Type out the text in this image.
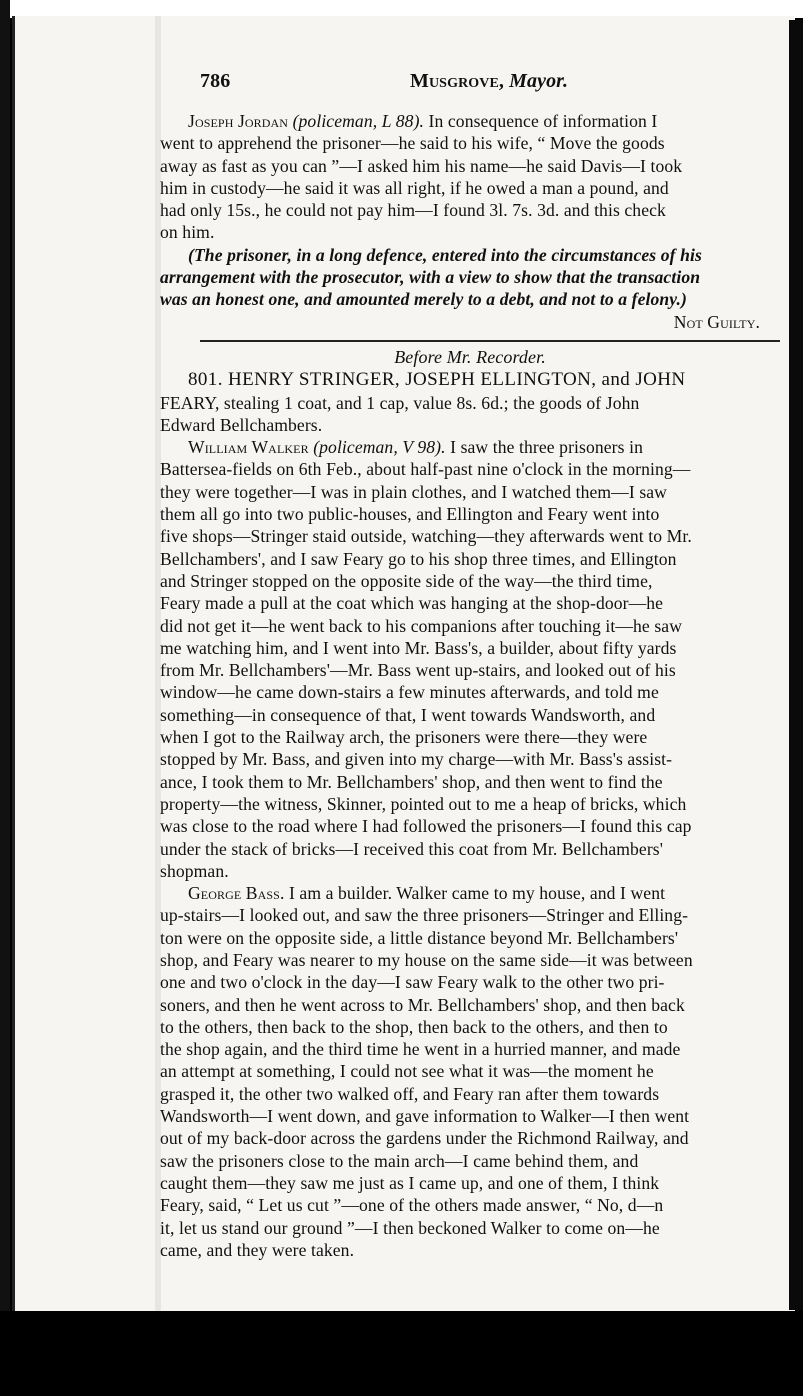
786	Musgrove, Mayor.
Joseph Jordan (policeman, L 88). In consequence of information I
went to apprehend the prisoner—he said to his wife, “ Move the goods
away as fast as you can ”—I asked him his name—he said Davis—I took
him in custody—he said it was all right, if he owed a man a pound, and
had only 15s., he could not pay him—I found 3l. 7s. 3d. and this check
on him.
(The prisoner, in a long defence, entered into the circumstances of his
arrangement with the prosecutor, with a view to show that the transaction
was an honest one, and amounted merely to a debt, and not to a felony.)
Not Guilty.
Before Mr. Recorder.
801. HENRY STRINGER, JOSEPH ELLINGTON, and JOHN
FEARY, stealing 1 coat, and 1 cap, value 8s. 6d.; the goods of John
Edward Bellchambers.
William Walker (policeman, V 98). I saw the three prisoners in
Battersea-fields on 6th Feb., about half-past nine o'clock in the morning—
they were together—I was in plain clothes, and I watched them—I saw
them all go into two public-houses, and Ellington and Feary went into
five shops—Stringer staid outside, watching—they afterwards went to Mr.
Bellchambers', and I saw Feary go to his shop three times, and Ellington
and Stringer stopped on the opposite side of the way—the third time,
Feary made a pull at the coat which was hanging at the shop-door—he
did not get it—he went back to his companions after touching it—he saw
me watching him, and I went into Mr. Bass's, a builder, about fifty yards
from Mr. Bellchambers'—Mr. Bass went up-stairs, and looked out of his
window—he came down-stairs a few minutes afterwards, and told me
something—in consequence of that, I went towards Wandsworth, and
when I got to the Railway arch, the prisoners were there—they were
stopped by Mr. Bass, and given into my charge—with Mr. Bass's assist-
ance, I took them to Mr. Bellchambers' shop, and then went to find the
property—the witness, Skinner, pointed out to me a heap of bricks, which
was close to the road where I had followed the prisoners—I found this cap
under the stack of bricks—I received this coat from Mr. Bellchambers'
shopman.
George Bass. I am a builder. Walker came to my house, and I went
up-stairs—I looked out, and saw the three prisoners—Stringer and Elling-
ton were on the opposite side, a little distance beyond Mr. Bellchambers'
shop, and Feary was nearer to my house on the same side—it was between
one and two o'clock in the day—I saw Feary walk to the other two pri-
soners, and then he went across to Mr. Bellchambers' shop, and then back
to the others, then back to the shop, then back to the others, and then to
the shop again, and the third time he went in a hurried manner, and made
an attempt at something, I could not see what it was—the moment he
grasped it, the other two walked off, and Feary ran after them towards
Wandsworth—I went down, and gave information to Walker—I then went
out of my back-door across the gardens under the Richmond Railway, and
saw the prisoners close to the main arch—I came behind them, and
caught them—they saw me just as I came up, and one of them, I think
Feary, said, “ Let us cut ”—one of the others made answer, “ No, d—n
it, let us stand our ground ”—I then beckoned Walker to come on—he
came, and they were taken.
